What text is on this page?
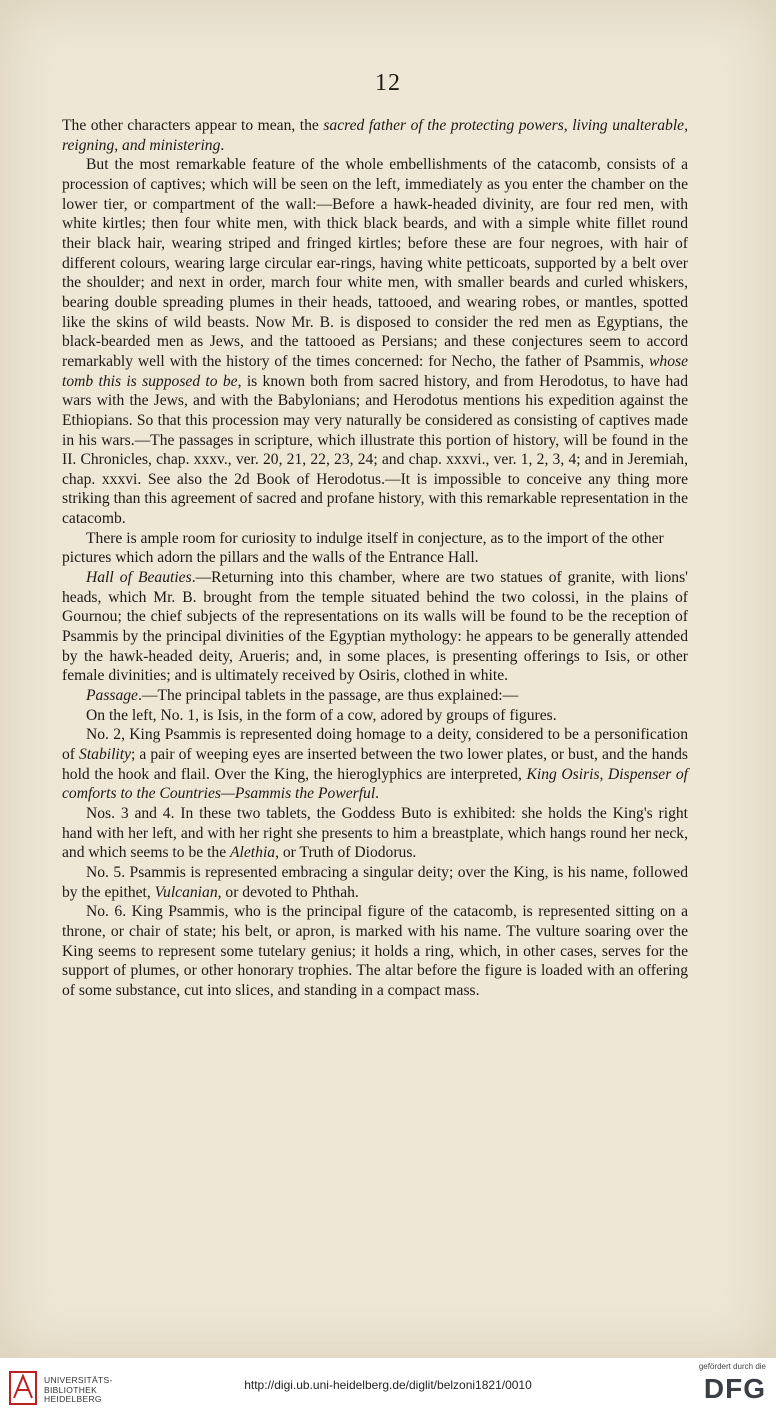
12

The other characters appear to mean, the sacred father of the protecting powers, living unalterable, reigning, and ministering.

But the most remarkable feature of the whole embellishments of the catacomb, consists of a procession of captives; which will be seen on the left, immediately as you enter the chamber on the lower tier, or compartment of the wall:—Before a hawk-headed divinity, are four red men, with white kirtles; then four white men, with thick black beards, and with a simple white fillet round their black hair, wearing striped and fringed kirtles; before these are four negroes, with hair of different colours, wearing large circular ear-rings, having white petticoats, supported by a belt over the shoulder; and next in order, march four white men, with smaller beards and curled whiskers, bearing double spreading plumes in their heads, tattooed, and wearing robes, or mantles, spotted like the skins of wild beasts. Now Mr. B. is disposed to consider the red men as Egyptians, the black-bearded men as Jews, and the tattooed as Persians; and these conjectures seem to accord remarkably well with the history of the times concerned: for Necho, the father of Psammis, whose tomb this is supposed to be, is known both from sacred history, and from Herodotus, to have had wars with the Jews, and with the Babylonians; and Herodotus mentions his expedition against the Ethiopians. So that this procession may very naturally be considered as consisting of captives made in his wars.—The passages in scripture, which illustrate this portion of history, will be found in the II. Chronicles, chap. xxxv., ver. 20, 21, 22, 23, 24; and chap. xxxvi., ver. 1, 2, 3, 4; and in Jeremiah, chap. xxxvi. See also the 2d Book of Herodotus.—It is impossible to conceive any thing more striking than this agreement of sacred and profane history, with this remarkable representation in the catacomb.

There is ample room for curiosity to indulge itself in conjecture, as to the import of the other pictures which adorn the pillars and the walls of the Entrance Hall.

Hall of Beauties.—Returning into this chamber, where are two statues of granite, with lions' heads, which Mr. B. brought from the temple situated behind the two colossi, in the plains of Gournou; the chief subjects of the representations on its walls will be found to be the reception of Psammis by the principal divinities of the Egyptian mythology: he appears to be generally attended by the hawk-headed deity, Arueris; and, in some places, is presenting offerings to Isis, or other female divinities; and is ultimately received by Osiris, clothed in white.

Passage.—The principal tablets in the passage, are thus explained:—

On the left, No. 1, is Isis, in the form of a cow, adored by groups of figures.

No. 2, King Psammis is represented doing homage to a deity, considered to be a personification of Stability; a pair of weeping eyes are inserted between the two lower plates, or bust, and the hands hold the hook and flail. Over the King, the hieroglyphics are interpreted, King Osiris, Dispenser of comforts to the Countries—Psammis the Powerful.

Nos. 3 and 4. In these two tablets, the Goddess Buto is exhibited: she holds the King's right hand with her left, and with her right she presents to him a breastplate, which hangs round her neck, and which seems to be the Alethia, or Truth of Diodorus.

No. 5. Psammis is represented embracing a singular deity; over the King, is his name, followed by the epithet, Vulcanian, or devoted to Phthah.

No. 6. King Psammis, who is the principal figure of the catacomb, is represented sitting on a throne, or chair of state; his belt, or apron, is marked with his name. The vulture soaring over the King seems to represent some tutelary genius; it holds a ring, which, in other cases, serves for the support of plumes, or other honorary trophies. The altar before the figure is loaded with an offering of some substance, cut into slices, and standing in a compact mass.

UNIVERSITÄTS-
BIBLIOTHEK
HEIDELBERG
http://digi.ub.uni-heidelberg.de/diglit/belzoni1821/0010
gefördert durch die
DFG
